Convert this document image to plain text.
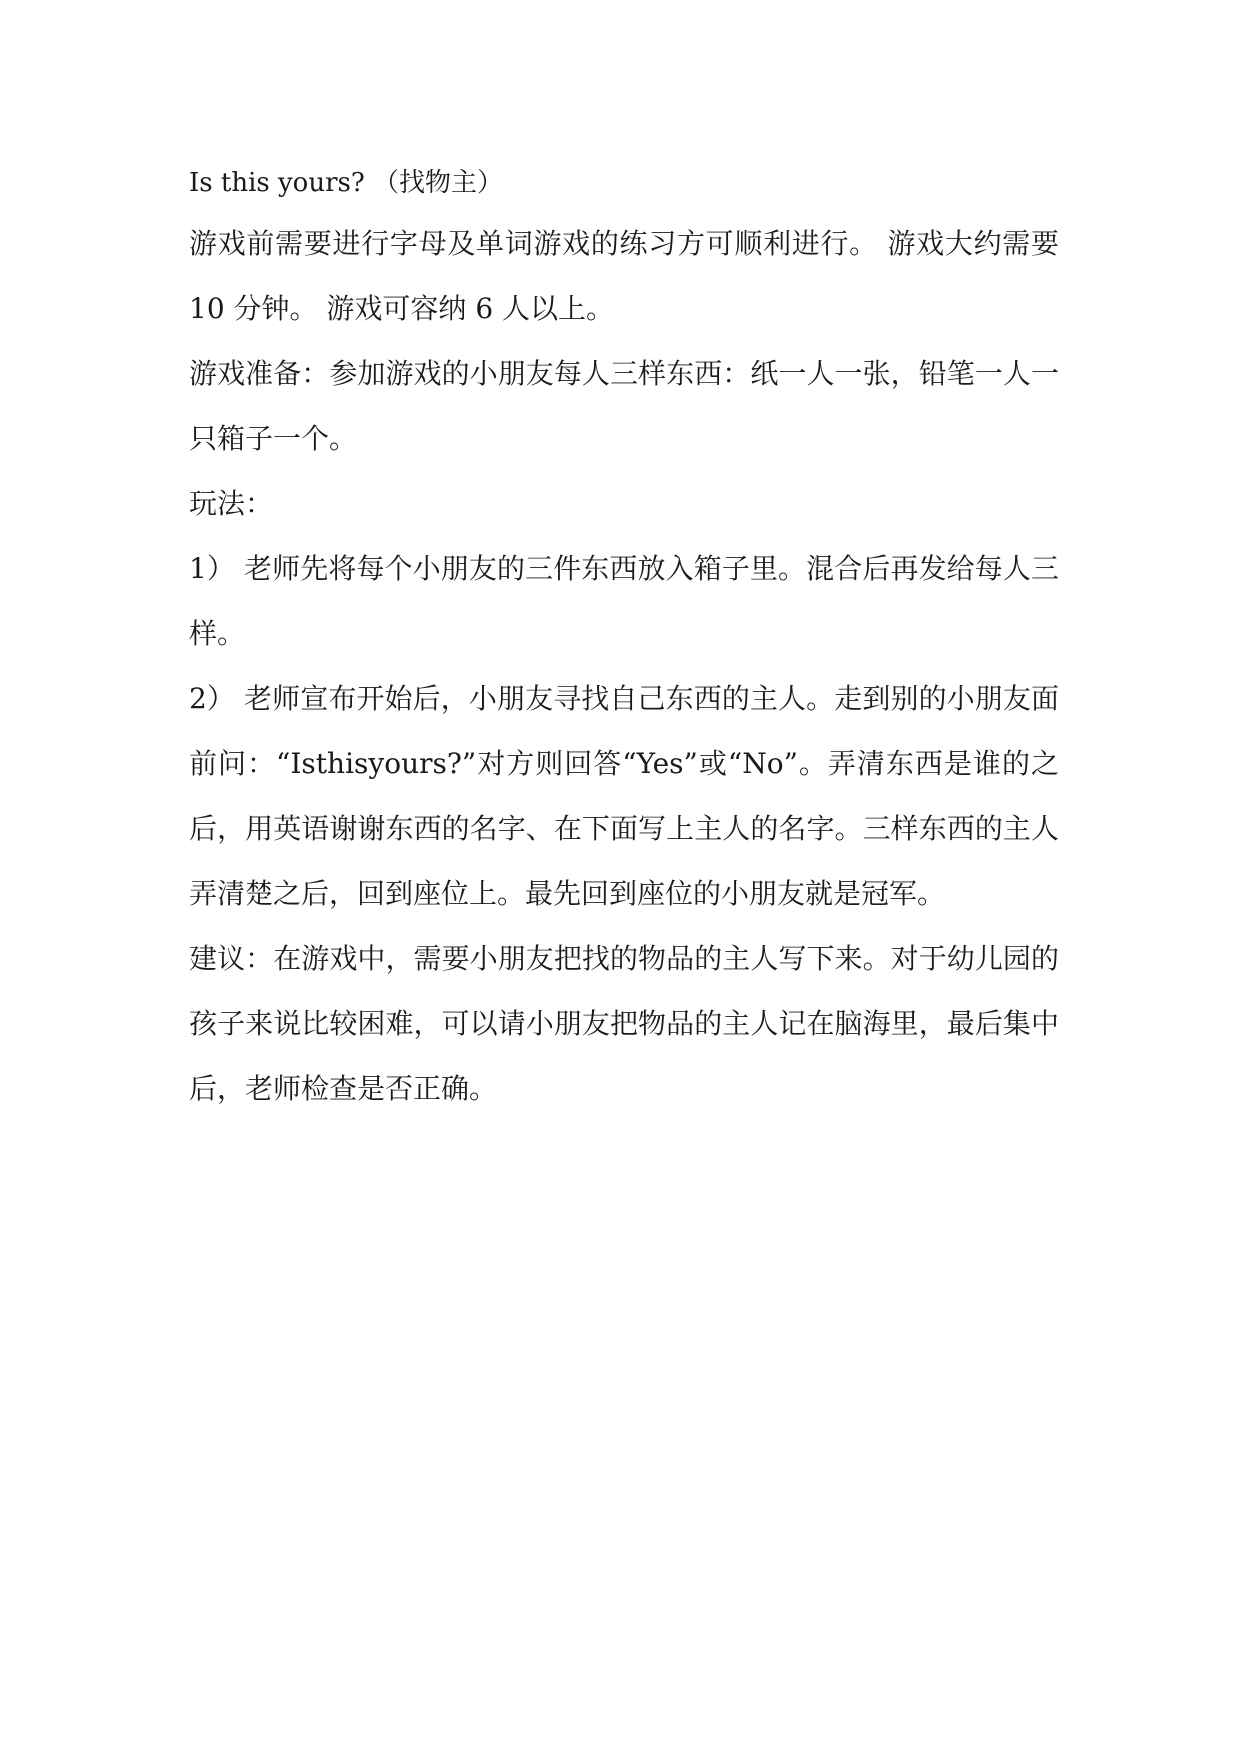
Is this yours? （找物主）

游戏前需要进行字母及单词游戏的练习方可顺利进行。 游戏大约需要 10 分钟。 游戏可容纳 6 人以上。

游戏准备：参加游戏的小朋友每人三样东西：纸一人一张，铅笔一人一只箱子一个。

玩法：

1） 老师先将每个小朋友的三件东西放入箱子里。混合后再发给每人三样。

2） 老师宣布开始后，小朋友寻找自己东西的主人。走到别的小朋友面前问：“Isthisyours?”对方则回答“Yes”或“No”。弄清东西是谁的之后，用英语谢谢东西的名字、在下面写上主人的名字。三样东西的主人弄清楚之后，回到座位上。最先回到座位的小朋友就是冠军。

建议：在游戏中，需要小朋友把找的物品的主人写下来。对于幼儿园的孩子来说比较困难，可以请小朋友把物品的主人记在脑海里，最后集中后，老师检查是否正确。
